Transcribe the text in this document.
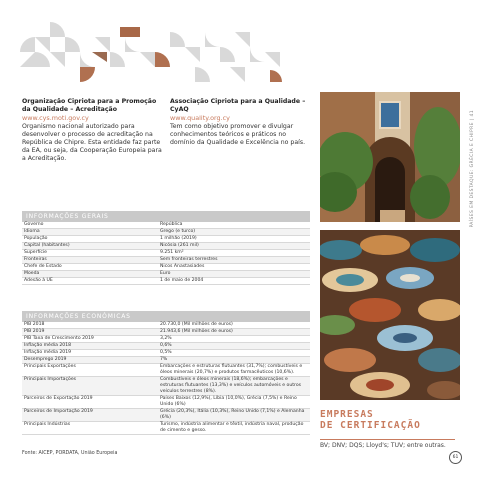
Organização Cipriota para a Promoção da Qualidade – Acreditação
www.cys.moti.gov.cy

Organismo nacional autorizado para desenvolver o processo de acreditação na República de Chipre. Esta entidade faz parte da EA, ou seja, da Cooperação Europeia para a Acreditação.

Associação Cipriota para a Qualidade – CyAQ
www.quality.org.cy

Tem como objetivo promover e divulgar conhecimentos teóricos e práticos no domínio da Qualidade e Excelência no país.	PAÍSES EM DESTAQUE: GRÉCIA E CHIPRE | 41
INFORMAÇÕES GERAIS
Governo	República
Idioma	Grego (e turco)
População	1 milhão (2019)
Capital (habitantes)	Nicósia (261 mil)
Superfície	9.251 km²
Fronteiras	Sem fronteiras terrestres
Chefe de Estado	Nicos Anastasiades
Moeda	Euro
Adesão à UE	1 de maio de 2004
INFORMAÇÕES ECONÓMICAS
PIB 2018	20.730,0 (Mil milhões de euros)
PIB 2019	21.943,6 (Mil milhões de euros)
PIB Taxa de Crescimento 2019	3,2%
Inflação média 2018	0,6%
Inflação média 2019	0,5%
Desemprego 2019	7%
Principais Exportações	Embarcações e estruturas flutuantes (31,7%); combustíveis e óleos minerais (20,7%) e produtos farmacêuticos (10,6%).
Principais Importações	Combustíveis e óleos minerais (18,6%); embarcações e estruturas flutuantes (13,3%) e veículos automóveis e outros veículos terrestres (8%).
Parceiros de Exportação 2019	Países Baixos (12,9%), Líbia (10,0%), Grécia (7,5%) e Reino Unido (6%)
Parceiros de Importação 2019	Grécia (20,3%), Itália (10,3%), Reino Unido (7,1%) e Alemanha (6%)
Principais Indústrias	Turismo, indústria alimentar e têxtil, indústria naval, produção de cimento e gesso.
Fonte: AICEP, PORDATA, União Europeia
EMPRESAS
DE CERTIFICAÇÃO
BV; DNV; DQS; Lloyd's; TUV; entre outras.
61
